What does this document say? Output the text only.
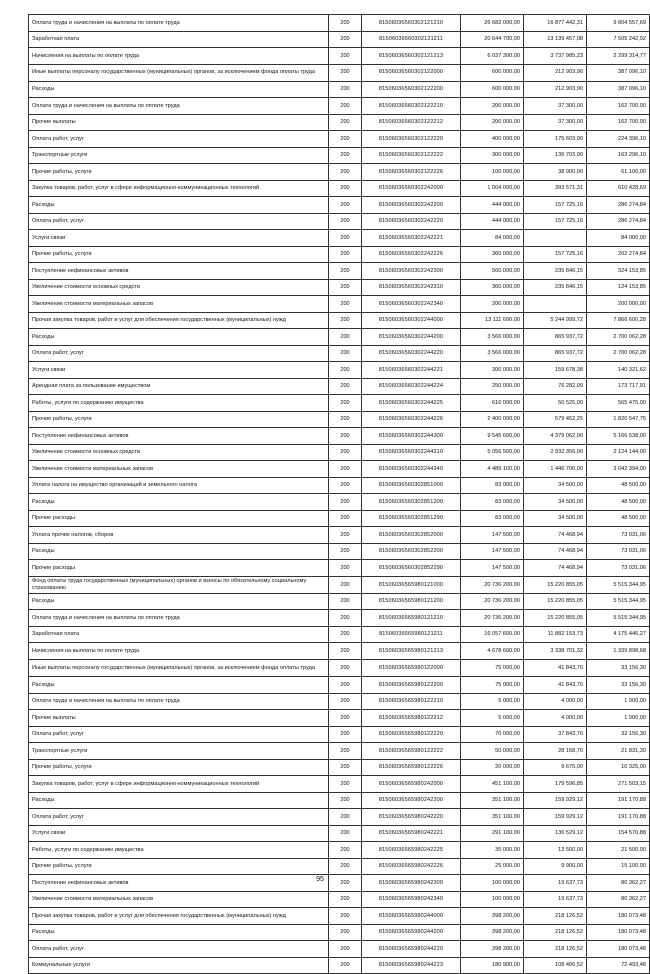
Оплата труда и начисления на выплаты по оплате труда	200	81506036560302121210	26 682 000,00	16 877 442,31	9 804 557,69
Заработная плата	200	81506036560302121211	20 644 700,00	13 139 457,08	7 505 242,92
Начисления на выплаты по оплате труда	200	81506036560302121213	6 037 300,00	3 737 985,23	2 299 314,77
Иные выплаты персоналу государственных (муниципальных) органов, за исключением фонда оплаты труда	200	81506036560302122000	600 000,00	212 903,90	387 096,10
Расходы	200	81506036560302122200	600 000,00	212 903,90	387 096,10
Оплата труда и начисления на выплаты по оплате труда	200	81506036560302122210	200 000,00	37 300,00	162 700,00
Прочие выплаты	200	81506036560302122212	200 000,00	37 300,00	162 700,00
Оплата работ, услуг	200	81506036560302122220	400 000,00	175 603,90	224 396,10
Транспортные услуги	200	81506036560302122222	300 000,00	136 703,90	163 296,10
Прочие работы, услуги	200	81506036560302122226	100 000,00	38 900,00	61 100,00
Закупка товаров, работ, услуг в сфере информационно-коммуникационных технологий	200	81506036560302242000	1 004 000,00	393 571,31	610 428,69
Расходы	200	81506036560302242200	444 000,00	157 725,16	286 274,84
Оплата работ, услуг	200	81506036560302242220	444 000,00	157 725,16	286 274,84
Услуги связи	200	81506036560302242221	84 000,00		84 000,00
Прочие работы, услуги	200	81506036560302242226	360 000,00	157 725,16	202 274,84
Поступление нефинансовых активов	200	81506036560302242300	560 000,00	235 846,15	324 153,85
Увеличение стоимости основных средств	200	81506036560302242310	360 000,00	235 846,15	124 153,85
Увеличение стоимости материальных запасов	200	81506036560302242340	200 000,00		200 000,00
Прочая закупка товаров, работ и услуг для обеспечения государственных (муниципальных) нужд	200	81506036560302244000	13 111 600,00	5 244 999,72	7 866 600,28
Расходы	200	81506036560302244200	3 566 000,00	865 937,72	2 700 062,28
Оплата работ, услуг	200	81506036560302244220	3 566 000,00	865 937,72	2 700 062,28
Услуги связи	200	81506036560302244221	300 000,00	159 678,38	140 321,62
Арендная плата за пользование имуществом	200	81506036560302244224	250 000,00	76 282,09	173 717,91
Работы, услуги по содержанию имущества	200	81506036560302244225	616 000,00	50 525,00	565 475,00
Прочие работы, услуги	200	81506036560302244226	2 400 000,00	579 452,25	1 820 547,75
Поступление нефинансовых активов	200	81506036560302244300	9 545 600,00	4 379 062,00	5 166 538,00
Увеличение стоимости основных средств	200	81506036560302244310	5 056 500,00	2 932 356,00	2 124 144,00
Увеличение стоимости материальных запасов	200	81506036560302244340	4 489 100,00	1 446 706,00	3 042 394,00
Уплата налога на имущество организаций и земельного налога	200	81506036560302851000	83 000,00	34 500,00	48 500,00
Расходы	200	81506036560302851200	83 000,00	34 500,00	48 500,00
Прочие расходы	200	81506036560302851290	83 000,00	34 500,00	48 500,00
Уплата прочих налогов, сборов	200	81506036560302852000	147 500,00	74 468,94	73 031,06
Расходы	200	81506036560302852200	147 500,00	74 468,94	73 031,06
Прочие расходы	200	81506036560302852290	147 500,00	74 468,94	73 031,06
Фонд оплаты труда государственных (муниципальных) органов и взносы по обязательному социальному страхованию	200	81506036565980121000	20 736 200,00	15 220 855,05	5 515 344,95
Расходы	200	81506036565980121200	20 736 200,00	15 220 855,05	5 515 344,95
Оплата труда и начисления на выплаты по оплате труда	200	81506036565980121210	20 736 200,00	15 220 855,05	5 515 344,95
Заработная плата	200	81506036565980121211	16 057 600,00	11 882 153,73	4 175 446,27
Начисления на выплаты по оплате труда	200	81506036565980121213	4 678 600,00	3 338 701,32	1 339 898,68
Иные выплаты персоналу государственных (муниципальных) органов, за исключением фонда оплаты труда	200	81506036565980122000	75 000,00	41 843,70	33 156,30
Расходы	200	81506036565980122200	75 000,00	41 843,70	33 156,30
Оплата труда и начисления на выплаты по оплате труда	200	81506036565980122210	5 000,00	4 000,00	1 000,00
Прочие выплаты	200	81506036565980122212	5 000,00	4 000,00	1 000,00
Оплата работ, услуг	200	81506036565980122220	70 000,00	37 843,70	32 156,30
Транспортные услуги	200	81506036565980122222	50 000,00	28 168,70	21 831,30
Прочие работы, услуги	200	81506036565980122226	20 000,00	9 675,00	10 325,00
Закупка товаров, работ, услуг в сфере информационно-коммуникационных технологий	200	81506036565980242000	451 100,00	179 596,85	271 503,15
Расходы	200	81506036565980242200	351 100,00	159 929,12	191 170,88
Оплата работ, услуг	200	81506036565980242220	351 100,00	159 929,12	191 170,88
Услуги связи	200	81506036565980242221	291 100,00	136 529,12	154 570,88
Работы, услуги по содержанию имущества	200	81506036565980242225	35 000,00	13 500,00	21 500,00
Прочие работы, услуги	200	81506036565980242226	25 000,00	9 900,00	15 100,00
Поступление нефинансовых активов	200	81506036565980242300	100 000,00	19 637,73	80 362,27
Увеличение стоимости материальных запасов	200	81506036565980242340	100 000,00	19 637,73	80 362,27
Прочая закупка товаров, работ и услуг для обеспечения государственных (муниципальных) нужд	200	81506036565980244000	398 200,00	218 126,52	180 073,48
Расходы	200	81506036565980244200	398 200,00	218 126,52	180 073,48
Оплата работ, услуг	200	81506036565980244220	398 200,00	218 126,52	180 073,48
Коммунальные услуги	200	81506036565980244223	180 900,00	108 406,52	72 493,48
95
